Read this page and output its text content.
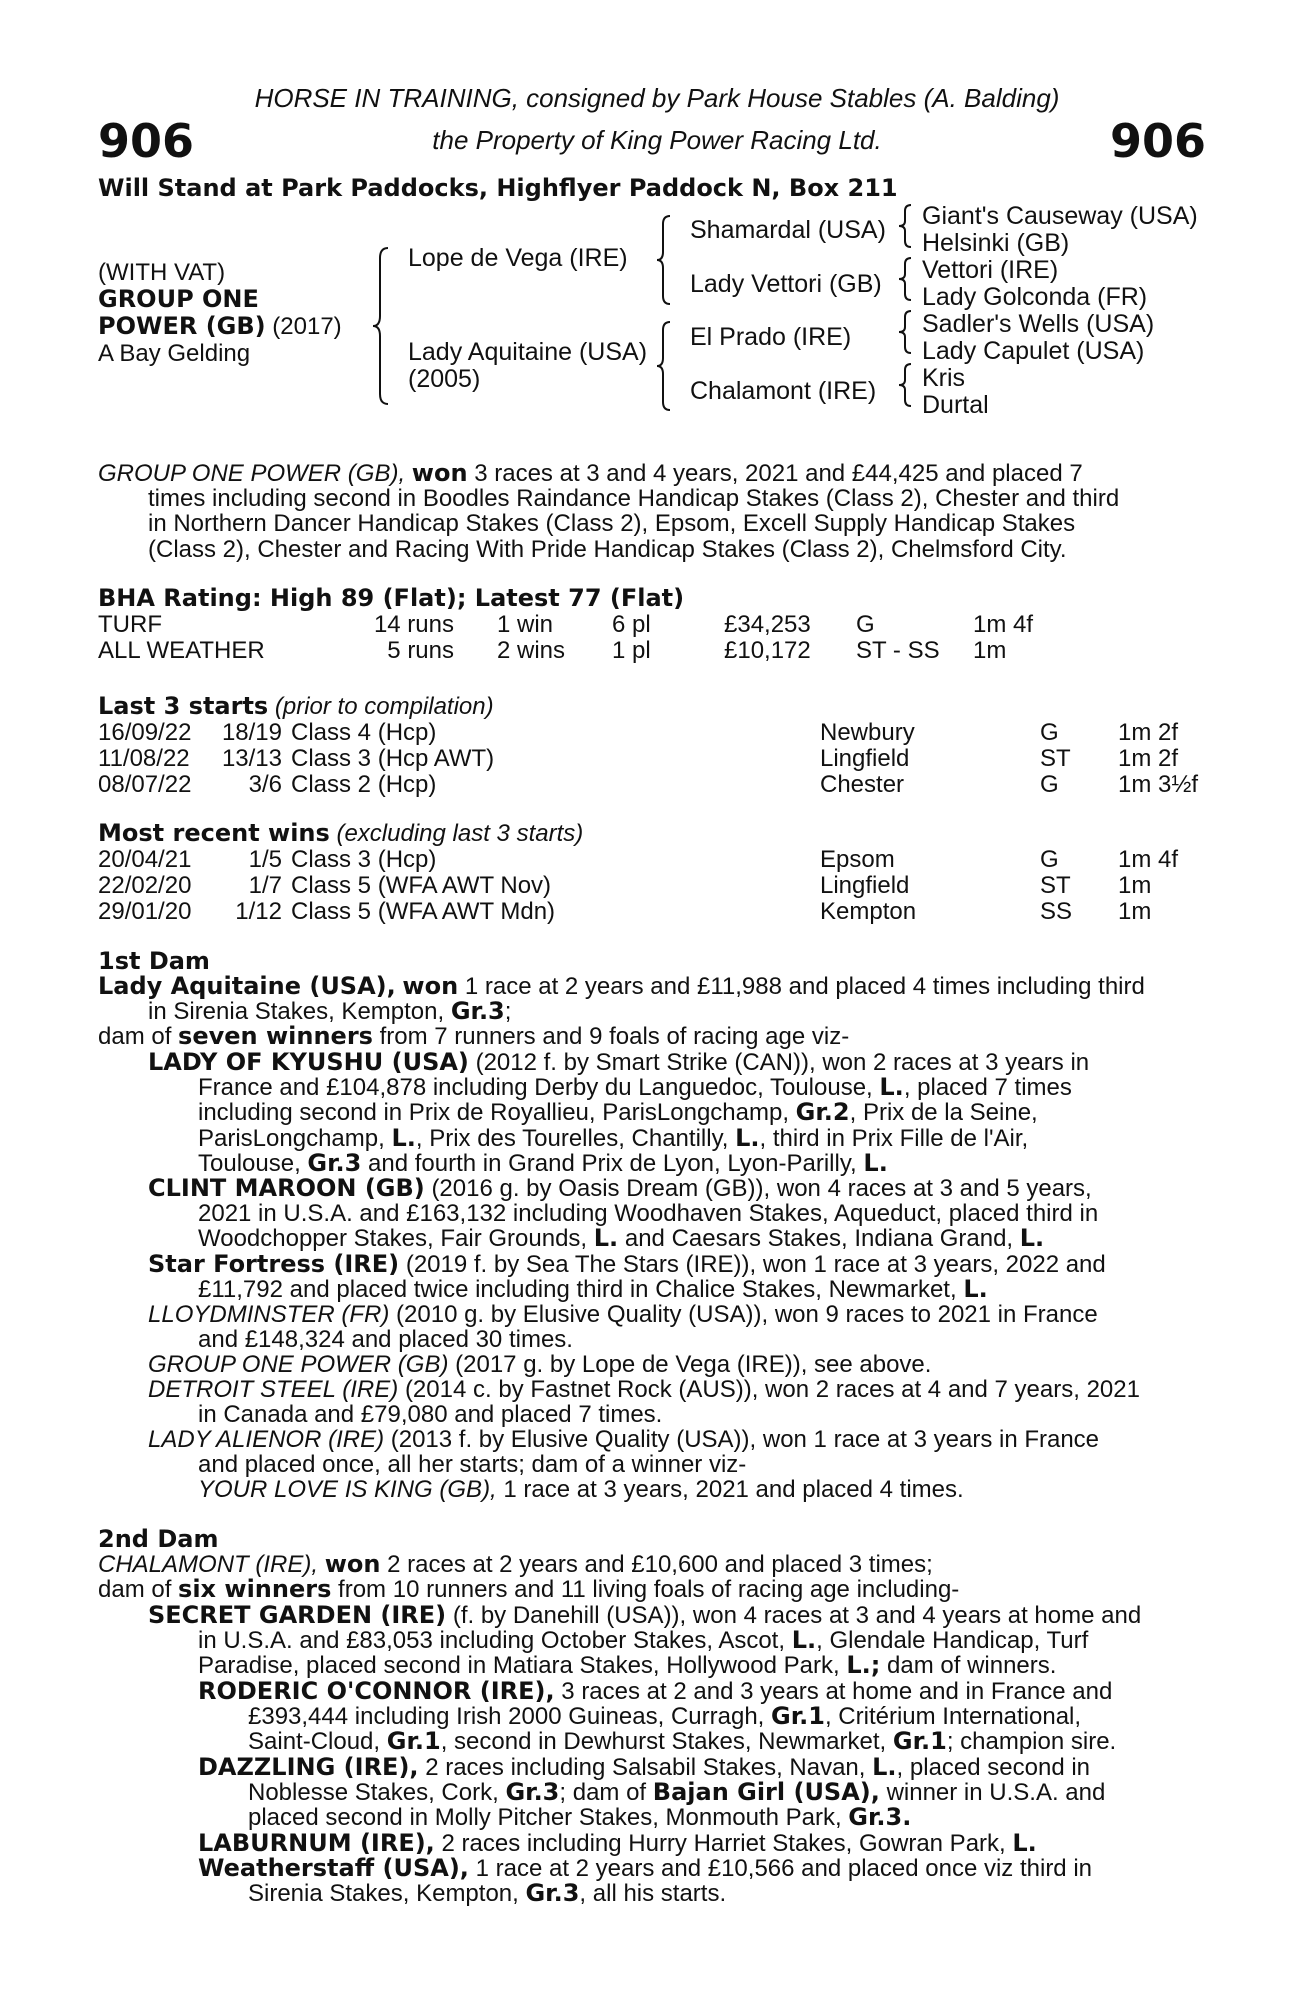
HORSE IN TRAINING, consigned by Park House Stables (A. Balding)
the Property of King Power Racing Ltd.
906	906
Will Stand at Park Paddocks, Highflyer Paddock N, Box 211
(WITH VAT)
GROUP ONE
POWER (GB) (2017)
A Bay Gelding
Lope de Vega (IRE)
Lady Aquitaine (USA)
(2005)
Shamardal (USA)
Lady Vettori (GB)
El Prado (IRE)
Chalamont (IRE)
Giant's Causeway (USA)
Helsinki (GB)
Vettori (IRE)
Lady Golconda (FR)
Sadler's Wells (USA)
Lady Capulet (USA)
Kris
Durtal
GROUP ONE POWER (GB), won 3 races at 3 and 4 years, 2021 and £44,425 and placed 7
times including second in Boodles Raindance Handicap Stakes (Class 2), Chester and third
in Northern Dancer Handicap Stakes (Class 2), Epsom, Excell Supply Handicap Stakes
(Class 2), Chester and Racing With Pride Handicap Stakes (Class 2), Chelmsford City.
BHA Rating: High 89 (Flat); Latest 77 (Flat)
TURF	14 runs 1 win 6 pl	£34,253 G	1m 4f
ALL WEATHER	5 runs 2 wins 1 pl	£10,172 ST - SS 1m
Last 3 starts (prior to compilation)
16/09/22 18/19 Class 4 (Hcp)	Newbury	G 1m 2f
11/08/22 13/13 Class 3 (Hcp AWT)	Lingfield	ST 1m 2f
08/07/22 3/6 Class 2 (Hcp)	Chester	G 1m 3½f
Most recent wins (excluding last 3 starts)
20/04/21 1/5 Class 3 (Hcp)	Epsom	G 1m 4f
22/02/20 1/7 Class 5 (WFA AWT Nov)	Lingfield	ST 1m
29/01/20 1/12 Class 5 (WFA AWT Mdn)	Kempton	SS 1m
1st Dam
Lady Aquitaine (USA), won 1 race at 2 years and £11,988 and placed 4 times including third
in Sirenia Stakes, Kempton, Gr.3;
dam of seven winners from 7 runners and 9 foals of racing age viz-
LADY OF KYUSHU (USA) (2012 f. by Smart Strike (CAN)), won 2 races at 3 years in
France and £104,878 including Derby du Languedoc, Toulouse, L., placed 7 times
including second in Prix de Royallieu, ParisLongchamp, Gr.2, Prix de la Seine,
ParisLongchamp, L., Prix des Tourelles, Chantilly, L., third in Prix Fille de l'Air,
Toulouse, Gr.3 and fourth in Grand Prix de Lyon, Lyon-Parilly, L.
CLINT MAROON (GB) (2016 g. by Oasis Dream (GB)), won 4 races at 3 and 5 years,
2021 in U.S.A. and £163,132 including Woodhaven Stakes, Aqueduct, placed third in
Woodchopper Stakes, Fair Grounds, L. and Caesars Stakes, Indiana Grand, L.
Star Fortress (IRE) (2019 f. by Sea The Stars (IRE)), won 1 race at 3 years, 2022 and
£11,792 and placed twice including third in Chalice Stakes, Newmarket, L.
LLOYDMINSTER (FR) (2010 g. by Elusive Quality (USA)), won 9 races to 2021 in France
and £148,324 and placed 30 times.
GROUP ONE POWER (GB) (2017 g. by Lope de Vega (IRE)), see above.
DETROIT STEEL (IRE) (2014 c. by Fastnet Rock (AUS)), won 2 races at 4 and 7 years, 2021
in Canada and £79,080 and placed 7 times.
LADY ALIENOR (IRE) (2013 f. by Elusive Quality (USA)), won 1 race at 3 years in France
and placed once, all her starts; dam of a winner viz-
YOUR LOVE IS KING (GB), 1 race at 3 years, 2021 and placed 4 times.
2nd Dam
CHALAMONT (IRE), won 2 races at 2 years and £10,600 and placed 3 times;
dam of six winners from 10 runners and 11 living foals of racing age including-
SECRET GARDEN (IRE) (f. by Danehill (USA)), won 4 races at 3 and 4 years at home and
in U.S.A. and £83,053 including October Stakes, Ascot, L., Glendale Handicap, Turf
Paradise, placed second in Matiara Stakes, Hollywood Park, L.; dam of winners.
RODERIC O'CONNOR (IRE), 3 races at 2 and 3 years at home and in France and
£393,444 including Irish 2000 Guineas, Curragh, Gr.1, Critérium International,
Saint-Cloud, Gr.1, second in Dewhurst Stakes, Newmarket, Gr.1; champion sire.
DAZZLING (IRE), 2 races including Salsabil Stakes, Navan, L., placed second in
Noblesse Stakes, Cork, Gr.3; dam of Bajan Girl (USA), winner in U.S.A. and
placed second in Molly Pitcher Stakes, Monmouth Park, Gr.3.
LABURNUM (IRE), 2 races including Hurry Harriet Stakes, Gowran Park, L.
Weatherstaff (USA), 1 race at 2 years and £10,566 and placed once viz third in
Sirenia Stakes, Kempton, Gr.3, all his starts.
